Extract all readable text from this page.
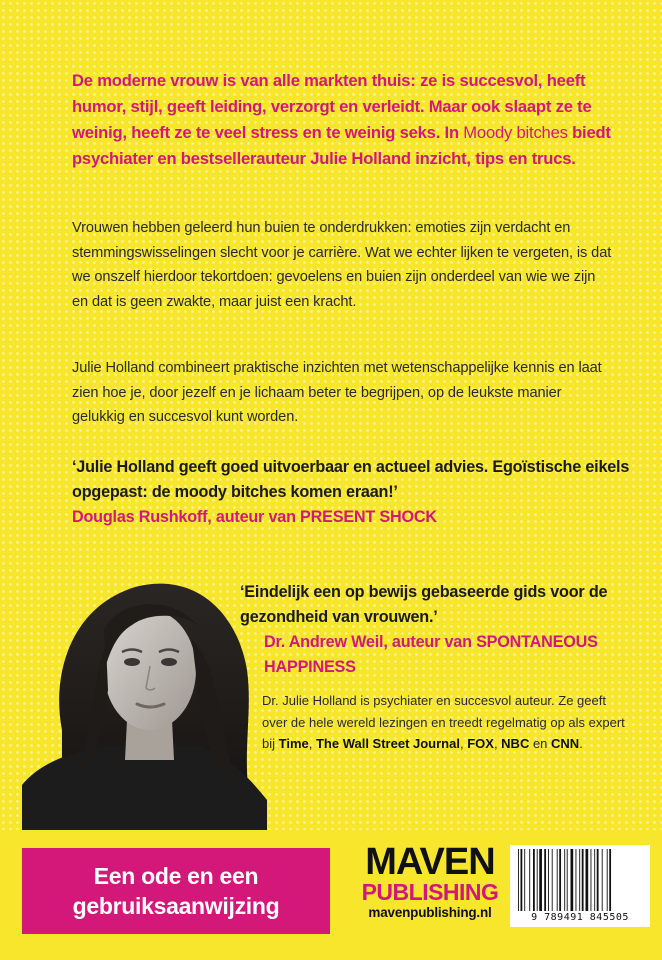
De moderne vrouw is van alle markten thuis: ze is succesvol, heeft humor, stijl, geeft leiding, verzorgt en verleidt. Maar ook slaapt ze te weinig, heeft ze te veel stress en te weinig seks. In Moody bitches biedt psychiater en bestsellerauteur Julie Holland inzicht, tips en trucs.

Vrouwen hebben geleerd hun buien te onderdrukken: emoties zijn verdacht en stemmingswisselingen slecht voor je carrière. Wat we echter lijken te vergeten, is dat we onszelf hierdoor tekortdoen: gevoelens en buien zijn onderdeel van wie we zijn en dat is geen zwakte, maar juist een kracht.

Julie Holland combineert praktische inzichten met wetenschappelijke kennis en laat zien hoe je, door jezelf en je lichaam beter te begrijpen, op de leukste manier gelukkig en succesvol kunt worden.

‘Julie Holland geeft goed uitvoerbaar en actueel advies. Egoïstische eikels opgepast: de moody bitches komen eraan!’
Douglas Rushkoff, auteur van PRESENT SHOCK
‘Eindelijk een op bewijs gebaseerde gids voor de gezondheid van vrouwen.’
Dr. Andrew Weil, auteur van SPONTANEOUS HAPPINESS

Dr. Julie Holland is psychiater en succesvol auteur. Ze geeft over de hele wereld lezingen en treedt regelmatig op als expert bij Time, The Wall Street Journal, FOX, NBC en CNN.

Een ode en een
gebruiksaanwijzing
MAVEN
PUBLISHING
mavenpublishing.nl	9 789491 845505
